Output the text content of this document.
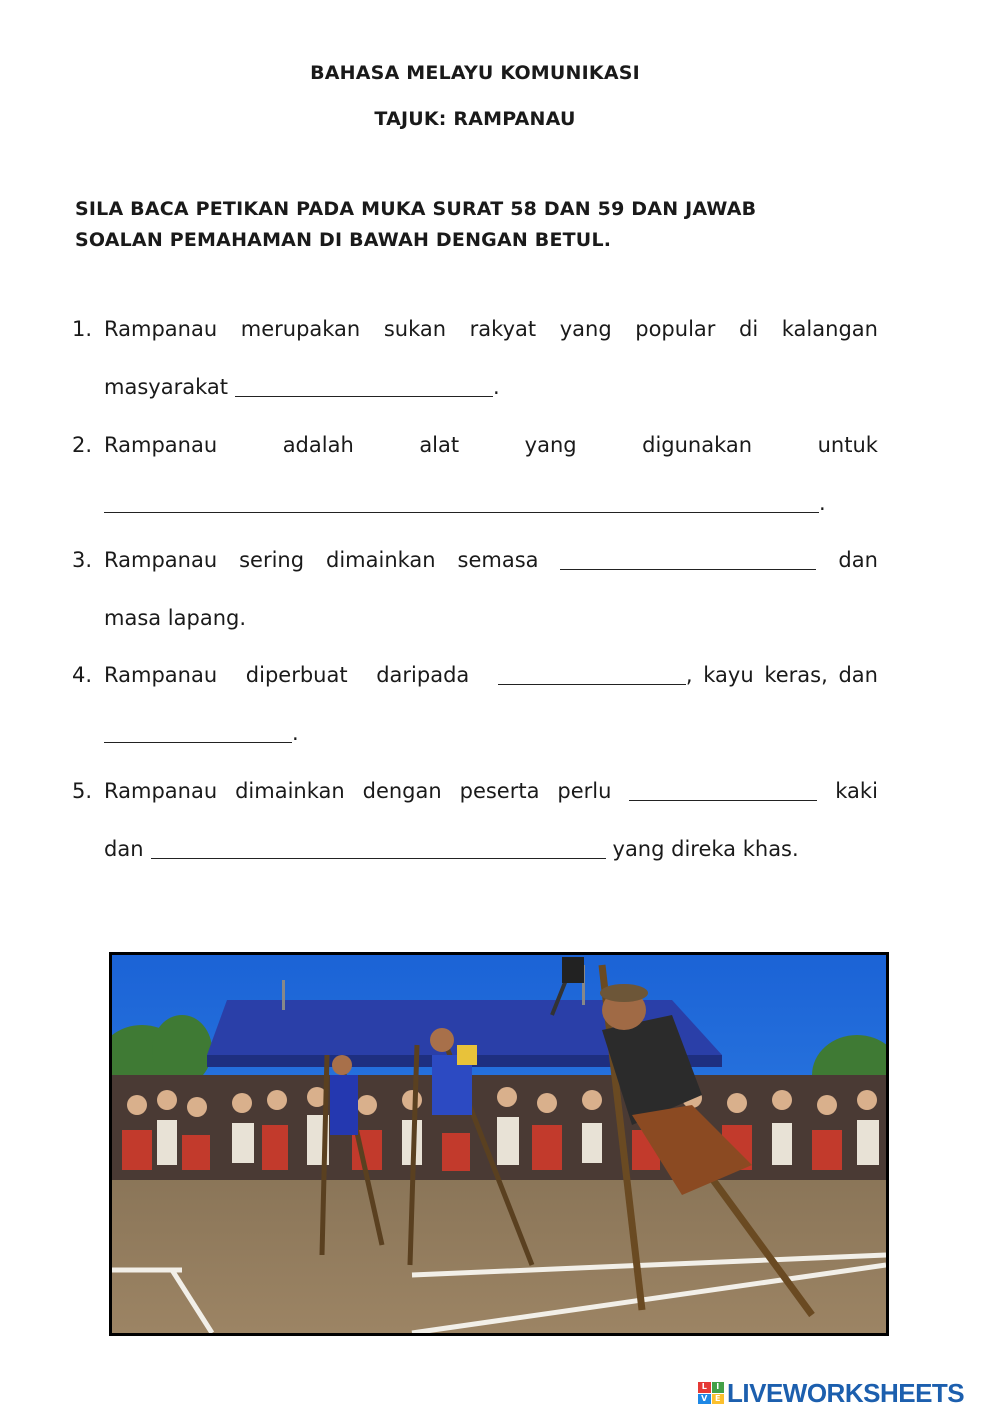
BAHASA MELAYU KOMUNIKASI
TAJUK: RAMPANAU
SILA BACA PETIKAN PADA MUKA SURAT 58 DAN 59 DAN JAWAB
SOALAN PEMAHAMAN DI BAWAH DENGAN BETUL.
1. Rampanau merupakan sukan rakyat yang popular di kalangan
masyarakat	.
2. Rampanau	adalah	alat	yang	digunakan	untuk
.
3. Rampanau sering dimainkan semasa	dan
masa lapang.
4. Rampanau diperbuat daripada	, kayu keras, dan
.
5. Rampanau dimainkan dengan peserta perlu	kaki
dan	yang direka khas.
L	I
V E LIVEWORKSHEETS
